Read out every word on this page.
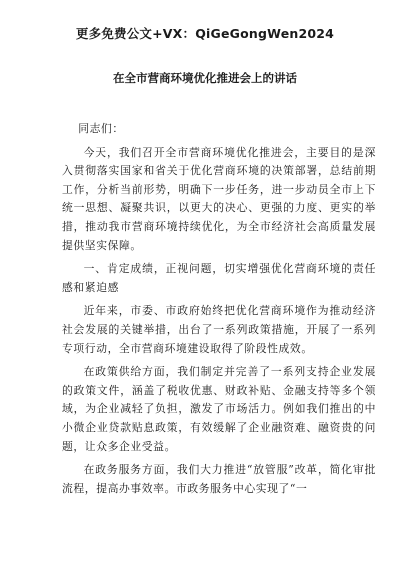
更多免费公文+VX：QiGeGongWen2024
在全市营商环境优化推进会上的讲话

同志们：

今天，我们召开全市营商环境优化推进会，主要目的是深入贯彻落实国家和省关于优化营商环境的决策部署，总结前期工作，分析当前形势，明确下一步任务，进一步动员全市上下统一思想、凝聚共识，以更大的决心、更强的力度、更实的举措，推动我市营商环境持续优化，为全市经济社会高质量发展提供坚实保障。

一、肯定成绩，正视问题，切实增强优化营商环境的责任感和紧迫感

近年来，市委、市政府始终把优化营商环境作为推动经济社会发展的关键举措，出台了一系列政策措施，开展了一系列专项行动，全市营商环境建设取得了阶段性成效。

在政策供给方面，我们制定并完善了一系列支持企业发展的政策文件，涵盖了税收优惠、财政补贴、金融支持等多个领域，为企业减轻了负担，激发了市场活力。例如我们推出的中小微企业贷款贴息政策，有效缓解了企业融资难、融资贵的问题，让众多企业受益。

在政务服务方面，我们大力推进“放管服”改革，简化审批流程，提高办事效率。市政务服务中心实现了“一
